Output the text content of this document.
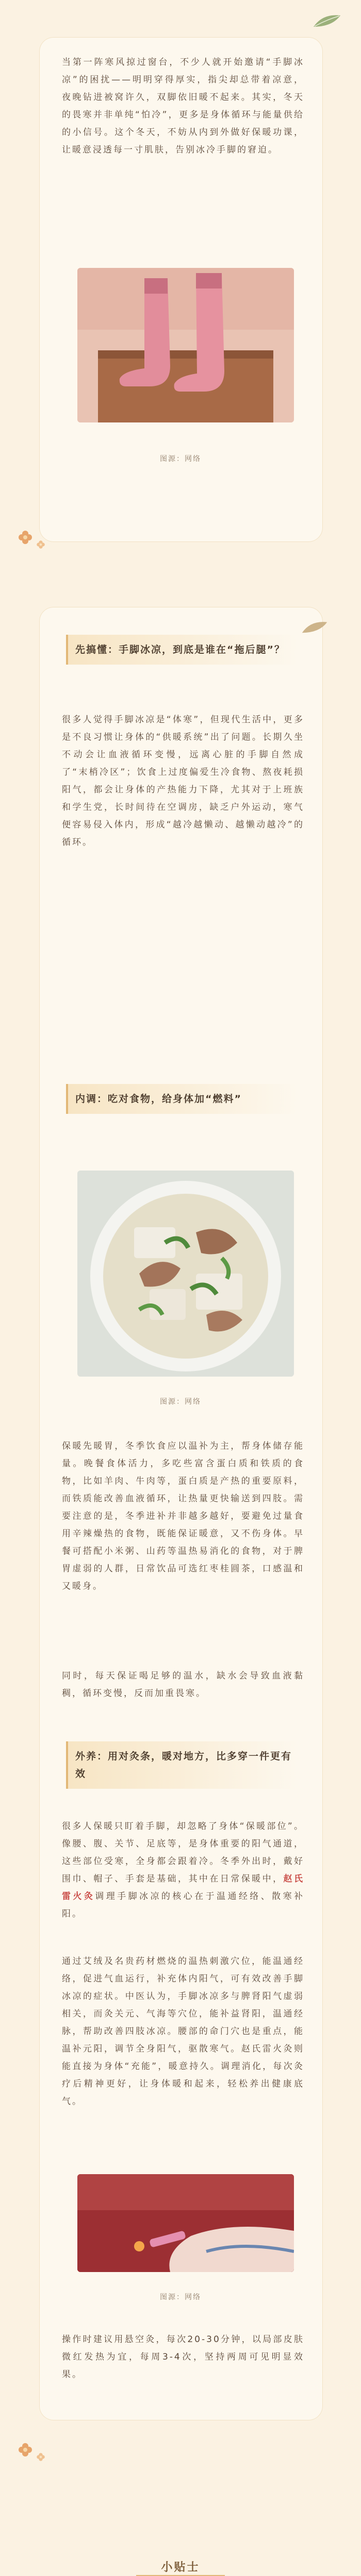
当第一阵寒风掠过窗台，不少人就开始邀请“手脚冰凉”的困扰——明明穿得厚实，指尖却总带着凉意，夜晚钻进被窝许久，双脚依旧暖不起来。其实，冬天的畏寒并非单纯“怕冷”，更多是身体循环与能量供给的小信号。这个冬天，不妨从内到外做好保暖功课，让暖意浸透每一寸肌肤，告别冰冷手脚的窘迫。
图源：网络
先搞懂：手脚冰凉，到底是谁在“拖后腿”？
很多人觉得手脚冰凉是“体寒”，但现代生活中，更多是不良习惯让身体的“供暖系统”出了问题。长期久坐不动会让血液循环变慢，远离心脏的手脚自然成了“末梢冷区”；饮食上过度偏爱生冷食物、熬夜耗损阳气，都会让身体的产热能力下降，尤其对于上班族和学生党，长时间待在空调房，缺乏户外运动，寒气便容易侵入体内，形成“越冷越懒动、越懒动越冷”的循环。
内调：吃对食物，给身体加“燃料”
图源：网络
保暖先暖胃，冬季饮食应以温补为主，帮身体储存能量。晚餐食体活力，多吃些富含蛋白质和铁质的食物，比如羊肉、牛肉等，蛋白质是产热的重要原料，而铁质能改善血液循环，让热量更快输送到四肢。需要注意的是，冬季进补并非越多越好，要避免过量食用辛辣燥热的食物，既能保证暖意，又不伤身体。早餐可搭配小米粥、山药等温热易消化的食物，对于脾胃虚弱的人群，日常饮品可选红枣桂圆茶，口感温和又暖身。
同时，每天保证喝足够的温水，缺水会导致血液黏稠，循环变慢，反而加重畏寒。
外养：用对灸条，暖对地方，比多穿一件更有效
很多人保暖只盯着手脚，却忽略了身体“保暖部位”。像腰、腹、关节、足底等，是身体重要的阳气通道，这些部位受寒，全身都会跟着冷。冬季外出时，戴好围巾、帽子、手套是基础，其中在日常保暖中，赵氏雷火灸调理手脚冰凉的核心在于温通经络、散寒补阳。
通过艾绒及名贵药材燃烧的温热刺激穴位，能温通经络，促进气血运行，补充体内阳气，可有效改善手脚冰凉的症状。中医认为，手脚冰凉多与脾肾阳气虚弱相关，而灸关元、气海等穴位，能补益肾阳，温通经脉，帮助改善四肢冰凉。腰部的命门穴也是重点，能温补元阳，调节全身阳气，驱散寒气。赵氏雷火灸则能直接为身体“充能”，暖意持久。调理消化，每次灸疗后精神更好，让身体暖和起来，轻松养出健康底气。
图源：网络
操作时建议用悬空灸，每次20-30分钟，以局部皮肤微红发热为宜，每周3-4次，坚持两周可见明显效果。
小贴士
